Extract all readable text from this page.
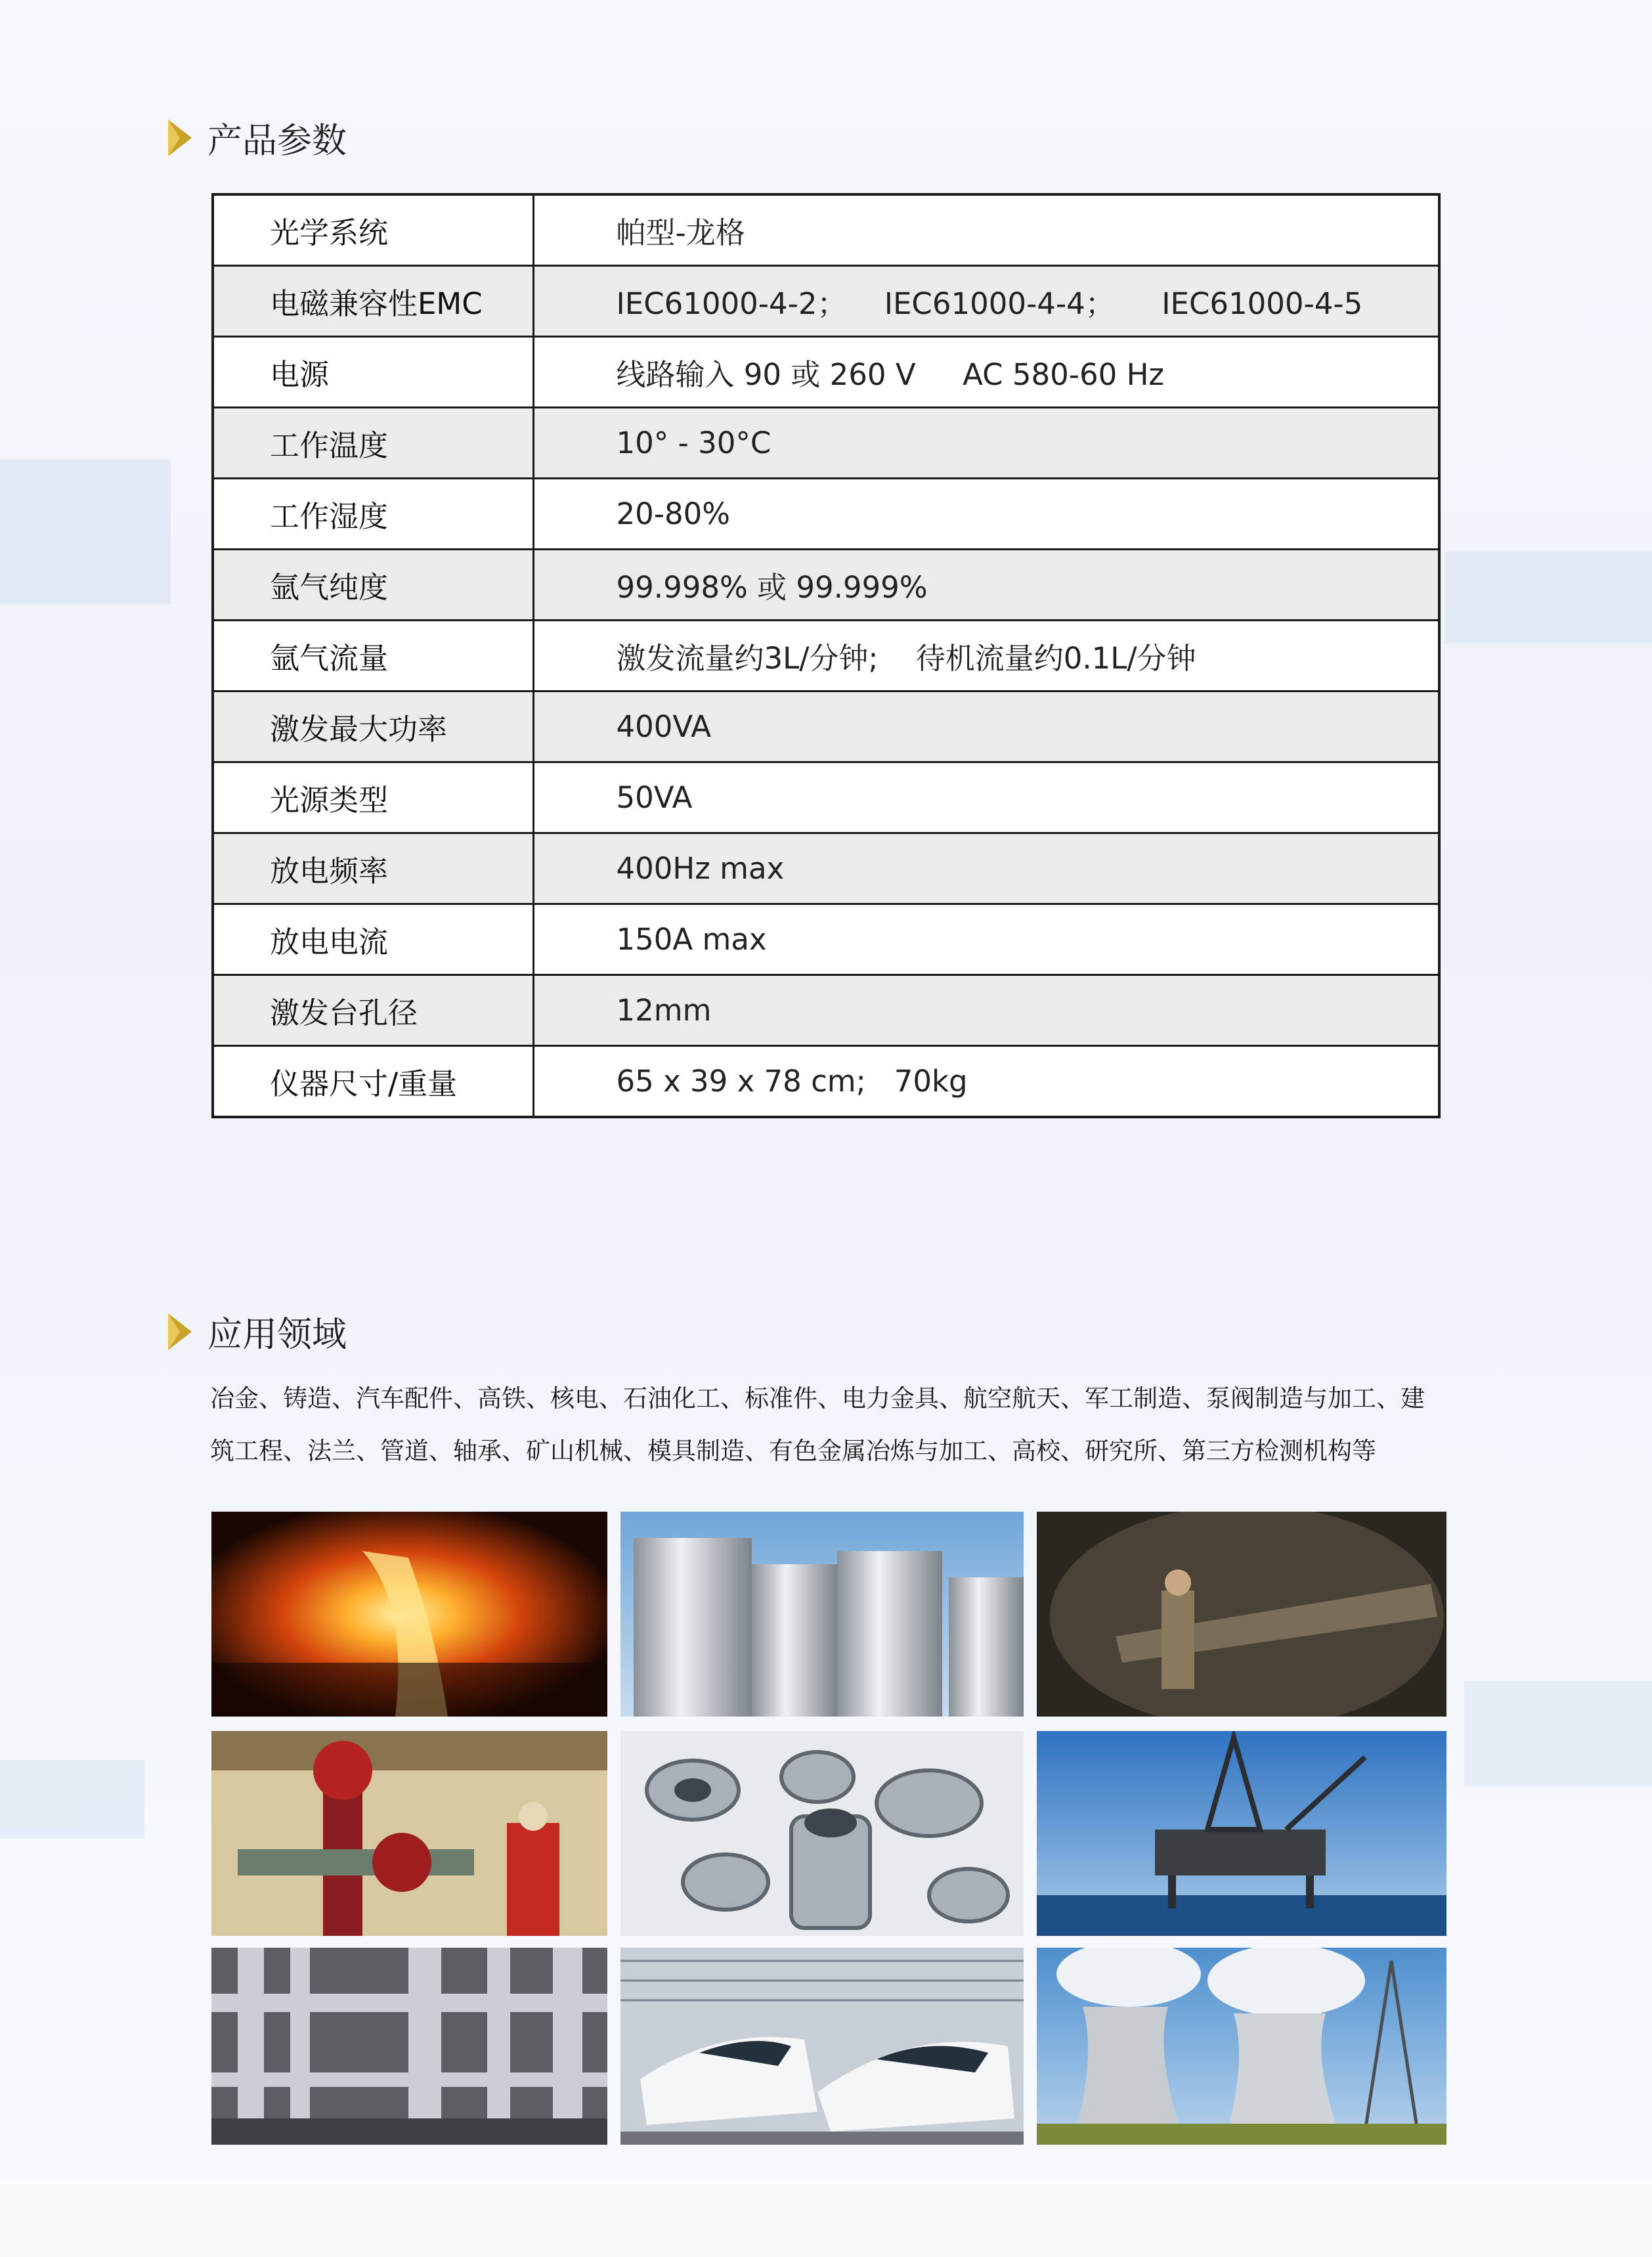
产品参数
光学系统	帕型-龙格
电磁兼容性EMC	IEC61000-4-2；    IEC61000-4-4；     IEC61000-4-5
电源	线路输入 90 或 260 V     AC 580-60 Hz
工作温度	10° - 30°C
工作湿度	20-80%
氩气纯度	99.998% 或 99.999%
氩气流量	激发流量约3L/分钟;    待机流量约0.1L/分钟
激发最大功率	400VA
光源类型	50VA
放电频率	400Hz max
放电电流	150A max
激发台孔径	12mm
仪器尺寸/重量	65 x 39 x 78 cm;   70kg
应用领域
冶金、铸造、汽车配件、高铁、核电、石油化工、标准件、电力金具、航空航天、军工制造、泵阀制造与加工、建
筑工程、法兰、管道、轴承、矿山机械、模具制造、有色金属冶炼与加工、高校、研究所、第三方检测机构等
